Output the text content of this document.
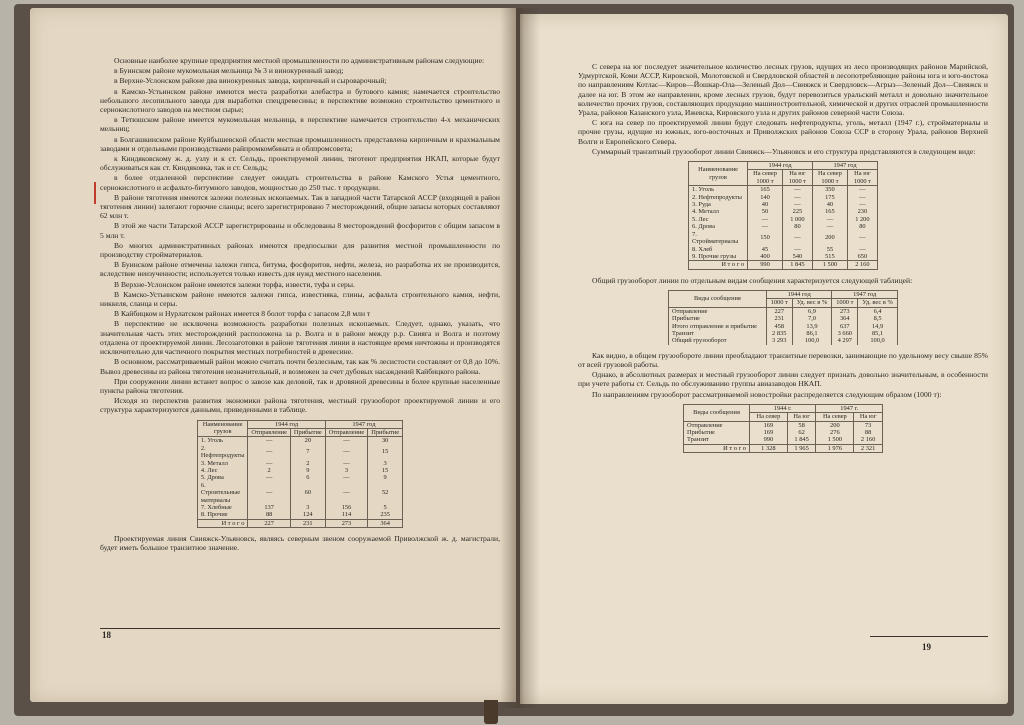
Основные наиболее крупные предприятия местной промышленности по административным районам следующие:

в Буинском районе мукомольная мельница № 3 и винокуренный завод;

в Верхне-Услонском районе два винокуренных завода, кирпичный и сыроварочный;

в Камско-Устьинском районе имеются места разработки алебастра и бутового камня; намечается строительство небольшого лесопильного завода для выработки спецдревесины; в перспективе возможно строительство цементного и сернокислотного заводов на местном сырье;

в Тетюшском районе имеется мукомольная мельница, в перспективе намечается строительство 4-х механических мельниц;

в Болгашкинском районе Куйбышевской области местная промышленность представлена кирпичным и крахмальным заводами и отдельными производствами райпромкомбината и облпромсовета;

к Киндяковскому ж. д. узлу и к ст. Сельдь, проектируемой линии, тяготеют предприятия НКАП, которые будут обслуживаться как ст. Киндяковка, так и ст. Сельдь;

в более отдаленной перспективе следует ожидать строительства в районе Камского Устья цементного, сернокислотного и асфальто-битумного заводов, мощностью до 250 тыс. т продукции.

В районе тяготения имеются залежи полезных ископаемых. Так в западной части Татарской АССР (входящей в район тяготения линии) залегают горючие сланцы; всего зарегистрировано 7 месторождений, общие запасы которых составляют 62 млн т.

В этой же части Татарской АССР зарегистрированы и обследованы 8 месторождений фосфоритов с общим запасом в 5 млн т.

Во многих административных районах имеются предпосылки для развития местной промышленности по производству стройматериалов.

В Буинском районе отмечены залежи гипса, битума, фосфоритов, нефти, железа, но разработка их не производится, вследствие неизученности; используется только известь для нужд местного населения.

В Верхне-Услонском районе имеются залежи торфа, извести, туфа и серы.

В Камско-Устьинском районе имеются залежи гипса, известняка, глины, асфальта строительного камня, нефти, никкеля, сланца и серы.

В Кайбицком и Нурлатском районах имеется 8 болот торфа с запасом 2,8 млн т

В перспективе не исключена возможность разработки полезных ископаемых. Следует, однако, указать, что значительная часть этих месторождений расположена за р. Волга и в районе между р.р. Свияга и Волга и поэтому отдалена от проектируемой линии. Лесозаготовки в районе тяготения линии в настоящее время ничтожны и производятся исключительно для частичного покрытия местных потребностей в древесине.

В основном, рассматриваемый район можно считать почти безлесным, так как % лесистости составляет от 0,8 до 10%. Вывоз древесины из района тяготения незначительный, и возможен за счет дубовых насаждений Кайбицкого района.

При сооружении линии встанет вопрос о завозе как деловой, так и дровяной древесины в более крупные населенные пункты района тяготения.

Исходя из перспектив развития экономики района тяготения, местный грузооборот проектируемой линии и его структура характеризуются данными, приведенными в таблице.

Наименование грузов	1944 год		1947 год	
	Отправление	Прибытие	Отправление	Прибытие
1. Уголь	—	20	—	30
2. Нефтепродукты	—	7	—	15
3. Металл	—	2	—	3
4. Лес	2	9	3	15
5. Дрова	—	6	—	9
6. Строительные материалы	—	60	—	52
7. Хлебные	137	3	156	5
8. Прочие	88	124	114	235
И т о г о	227	231	273	364

Проектируемая линия Свияжск-Ульяновск, являясь северным звеном сооружаемой Приволжской ж. д. магистрали, будет иметь большое транзитное значение.

18

С севера на юг последует значительное количество лесных грузов, идущих из лесо производящих районов Марийской, Удмуртской, Коми АССР, Кировской, Молотовской и Свердловской областей в лесопотребляющие районы юга и юго-востока по направлениям Котлас—Киров—Йошкар-Ола—Зеленый Дол—Свияжск и Свердловск—Агрыз—Зеленый Дол—Свияжск и далее на юг. В этом же направлении, кроме лесных грузов, будут перевозиться уральский металл и довольно значительное количество прочих грузов, составляющих продукцию машиностроительной, химической и других отраслей промышленности Урала, районов Казанского узла, Ижевска, Кировского узла и других районов северной части Союза.

С юга на север по проектируемой линии будут следовать нефтепродукты, уголь, металл (1947 г.), стройматериалы и прочие грузы, идущие из южных, юго-восточных и Приволжских районов Союза ССР в сторону Урала, районов Верхней Волги и Европейского Севера.

Суммарный транзитный грузооборот линии Свияжск—Ульяновск и его структура представляются в следующем виде:

Наименование грузов	1944 год		1947 год	
	На север 1000 т	На юг 1000 т	На север 1000 т	На юг 1000 т
1. Уголь	165	—	350	—
2. Нефтепродукты	140	—	175	—
3. Руда	40	—	40	—
4. Металл	50	225	165	230
5. Лес	—	1 000	—	1 200
6. Дрова	—	80	—	80
7. Стройматериалы	150	—	200	—
8. Хлеб	45	—	55	—
9. Прочие грузы	400	540	515	650
И т о г о	990	1 845	1 500	2 160

Общий грузооборот линии по отдельным видам сообщения характеризуется следующей таблицей:

Виды сообщения	1944 год		1947 год	
	1000 т	Уд. вес в %	1000 т	Уд. вес в %
Отправление	227	6,9	273	6,4
Прибытие	231	7,0	364	8,5
Итого отправление и прибытие	458	13,9	637	14,9
Транзит	2 835	86,1	3 660	85,1
Общий грузооборот	3 293	100,0	4 297	100,0

Как видно, в общем грузообороте линии преобладают транзитные перевозки, занимающие по удельному весу свыше 85% от всей грузовой работы.

Однако, в абсолютных размерах и местный грузооборот линии следует признать довольно значительным, в особенности при учете работы ст. Сельдь по обслуживанию группы авиазаводов НКАП.

По направлениям грузооборот рассматриваемой новостройки распределяется следующим образом (1000 т):

Виды сообщения	1944 г.		1947 г.	
	На север	На юг	На север	На юг
Отправление	169	58	200	73
Прибытие	169	62	276	88
Транзит	990	1 845	1 500	2 160
И т о г о	1 328	1 965	1 976	2 321
19
